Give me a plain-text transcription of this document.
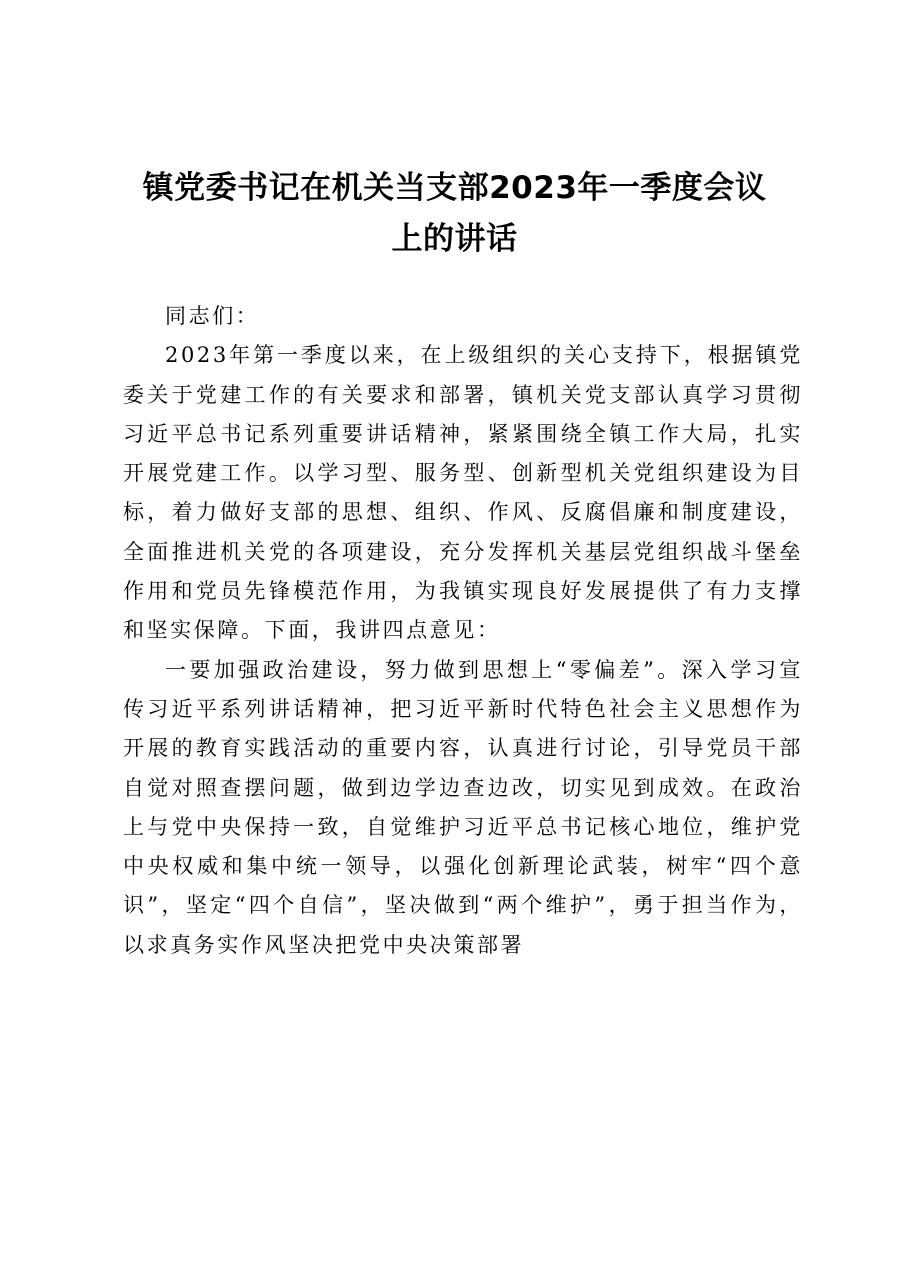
镇党委书记在机关当支部2023年一季度会议
上的讲话

同志们：

2023年第一季度以来，在上级组织的关心支持下，根据镇党委关于党建工作的有关要求和部署，镇机关党支部认真学习贯彻习近平总书记系列重要讲话精神，紧紧围绕全镇工作大局，扎实开展党建工作。以学习型、服务型、创新型机关党组织建设为目标，着力做好支部的思想、组织、作风、反腐倡廉和制度建设，全面推进机关党的各项建设，充分发挥机关基层党组织战斗堡垒作用和党员先锋模范作用，为我镇实现良好发展提供了有力支撑和坚实保障。下面，我讲四点意见：

一要加强政治建设，努力做到思想上“零偏差”。深入学习宣传习近平系列讲话精神，把习近平新时代特色社会主义思想作为开展的教育实践活动的重要内容，认真进行讨论，引导党员干部自觉对照查摆问题，做到边学边查边改，切实见到成效。在政治上与党中央保持一致，自觉维护习近平总书记核心地位，维护党中央权威和集中统一领导，以强化创新理论武装，树牢“四个意识”，坚定“四个自信”，坚决做到“两个维护”，勇于担当作为，以求真务实作风坚决把党中央决策部署
